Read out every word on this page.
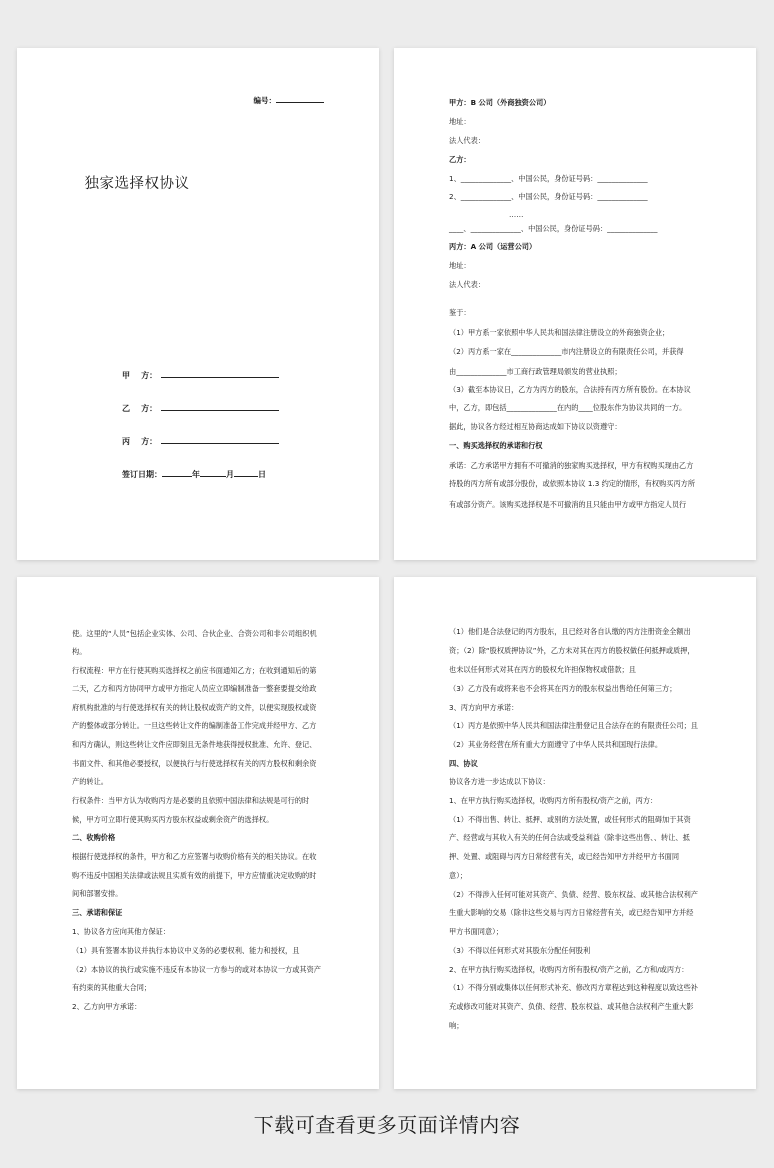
编号：
独家选择权协议
甲    方：
乙    方：
丙    方：
签订日期：	年	月	日
甲方：B 公司（外商独资公司）
地址：
法人代表：
乙方：
1、______________、中国公民，身份证号码：______________
2、______________、中国公民，身份证号码：______________
……
____、______________、中国公民，身份证号码：______________
丙方：A 公司（运营公司）
地址：
法人代表：
鉴于：
（1）甲方系一家依照中华人民共和国法律注册设立的外商独资企业；
（2）丙方系一家在______________市内注册设立的有限责任公司，并获得
由______________市工商行政管理局颁发的营业执照；
（3）截至本协议日，乙方为丙方的股东，合法持有丙方所有股份。在本协议
中，乙方，即包括______________在内的____位股东作为协议共同的一方。
据此，协议各方经过相互协商达成如下协议以资遵守：
一、购买选择权的承诺和行权
承诺：乙方承诺甲方拥有不可撤消的独家购买选择权，甲方有权购买现由乙方
持股的丙方所有或部分股份，或依照本协议 1.3 约定的情形，有权购买丙方所
有或部分资产。该购买选择权是不可撤消的且只能由甲方或甲方指定人员行
使。这里的“人员”包括企业实体、公司、合伙企业、合资公司和非公司组织机
构。
行权流程：甲方在行使其购买选择权之前应书面通知乙方；在收到通知后的第
二天，乙方和丙方协同甲方或甲方指定人员应立即编制准备一整套要提交给政
府机构批准的与行使选择权有关的转让股权或资产的文件，以便实现股权或资
产的整体或部分转让。一旦这些转让文件的编制准备工作完成并经甲方、乙方
和丙方确认，则这些转让文件应即刻且无条件地获得授权批准、允许、登记、
书面文件、和其他必要授权，以便执行与行使选择权有关的丙方股权和剩余资
产的转让。
行权条件：当甲方认为收购丙方是必要的且依照中国法律和法规是可行的时
候，甲方可立即行使其购买丙方股东权益或剩余资产的选择权。
二、收购价格
根据行使选择权的条件，甲方和乙方应签署与收购价格有关的相关协议。在收
购不违反中国相关法律或法规且实质有效的前提下，甲方应情重决定收购的时
间和部署安排。
三、承诺和保证
1、协议各方应向其他方保证：
（1）具有签署本协议并执行本协议中义务的必要权利、能力和授权，且
（2）本协议的执行或实施不违反有本协议一方参与的或对本协议一方或其资产
有约束的其他重大合同；
2、乙方向甲方承诺：
（1）他们是合法登记的丙方股东，且已经对各自认缴的丙方注册资金全额出
资；（2）除“股权质押协议”外，乙方未对其在丙方的股权做任何抵押或质押，
也未以任何形式对其在丙方的股权允许担保物权或借款；且
（3）乙方没有或将来也不会将其在丙方的股东权益出售给任何第三方；
3、丙方向甲方承诺：
（1）丙方是依照中华人民共和国法律注册登记且合法存在的有限责任公司；且
（2）其业务经营在所有重大方面遵守了中华人民共和国现行法律。
四、协议
协议各方进一步达成以下协议：
1、在甲方执行购买选择权，收购丙方所有股权/资产之前，丙方：
（1）不得出售、转让、抵押、或别的方法处置，或任何形式的阻碍加于其资
产、经营或与其收入有关的任何合法或受益利益（除非这些出售、、转让、抵
押、处置、或阻碍与丙方日常经营有关，或已经告知甲方并经甲方书面同
意）；
（2）不得涉入任何可能对其资产、负债、经营、股东权益、或其他合法权利产
生重大影响的交易（除非这些交易与丙方日常经营有关，或已经告知甲方并经
甲方书面同意）；
（3）不得以任何形式对其股东分配任何股利
2、在甲方执行购买选择权，收购丙方所有股权/资产之前，乙方和/或丙方：
（1）不得分别或集体以任何形式补充、修改丙方章程达到这种程度以致这些补
充或修改可能对其资产、负债、经营、股东权益、或其他合法权利产生重大影
响；
下载可查看更多页面详情内容
